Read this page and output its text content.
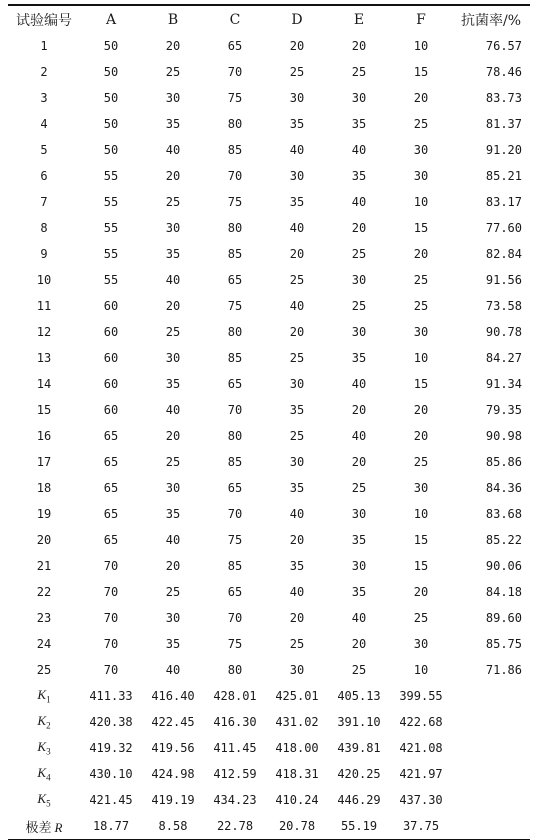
试验编号	A	B	C	D	E	F	抗菌率/%
1	50	20	65	20	20	10	76.57
2	50	25	70	25	25	15	78.46
3	50	30	75	30	30	20	83.73
4	50	35	80	35	35	25	81.37
5	50	40	85	40	40	30	91.20
6	55	20	70	30	35	30	85.21
7	55	25	75	35	40	10	83.17
8	55	30	80	40	20	15	77.60
9	55	35	85	20	25	20	82.84
10	55	40	65	25	30	25	91.56
11	60	20	75	40	25	25	73.58
12	60	25	80	20	30	30	90.78
13	60	30	85	25	35	10	84.27
14	60	35	65	30	40	15	91.34
15	60	40	70	35	20	20	79.35
16	65	20	80	25	40	20	90.98
17	65	25	85	30	20	25	85.86
18	65	30	65	35	25	30	84.36
19	65	35	70	40	30	10	83.68
20	65	40	75	20	35	15	85.22
21	70	20	85	35	30	15	90.06
22	70	25	65	40	35	20	84.18
23	70	30	70	20	40	25	89.60
24	70	35	75	25	20	30	85.75
25	70	40	80	30	25	10	71.86
$K_1$	411.33	416.40	428.01	425.01	405.13	399.55	
$K_2$	420.38	422.45	416.30	431.02	391.10	422.68	
$K_3$	419.32	419.56	411.45	418.00	439.81	421.08	
$K_4$	430.10	424.98	412.59	418.31	420.25	421.97	
$K_5$	421.45	419.19	434.23	410.24	446.29	437.30	
极差 R	18.77	8.58	22.78	20.78	55.19	37.75	
